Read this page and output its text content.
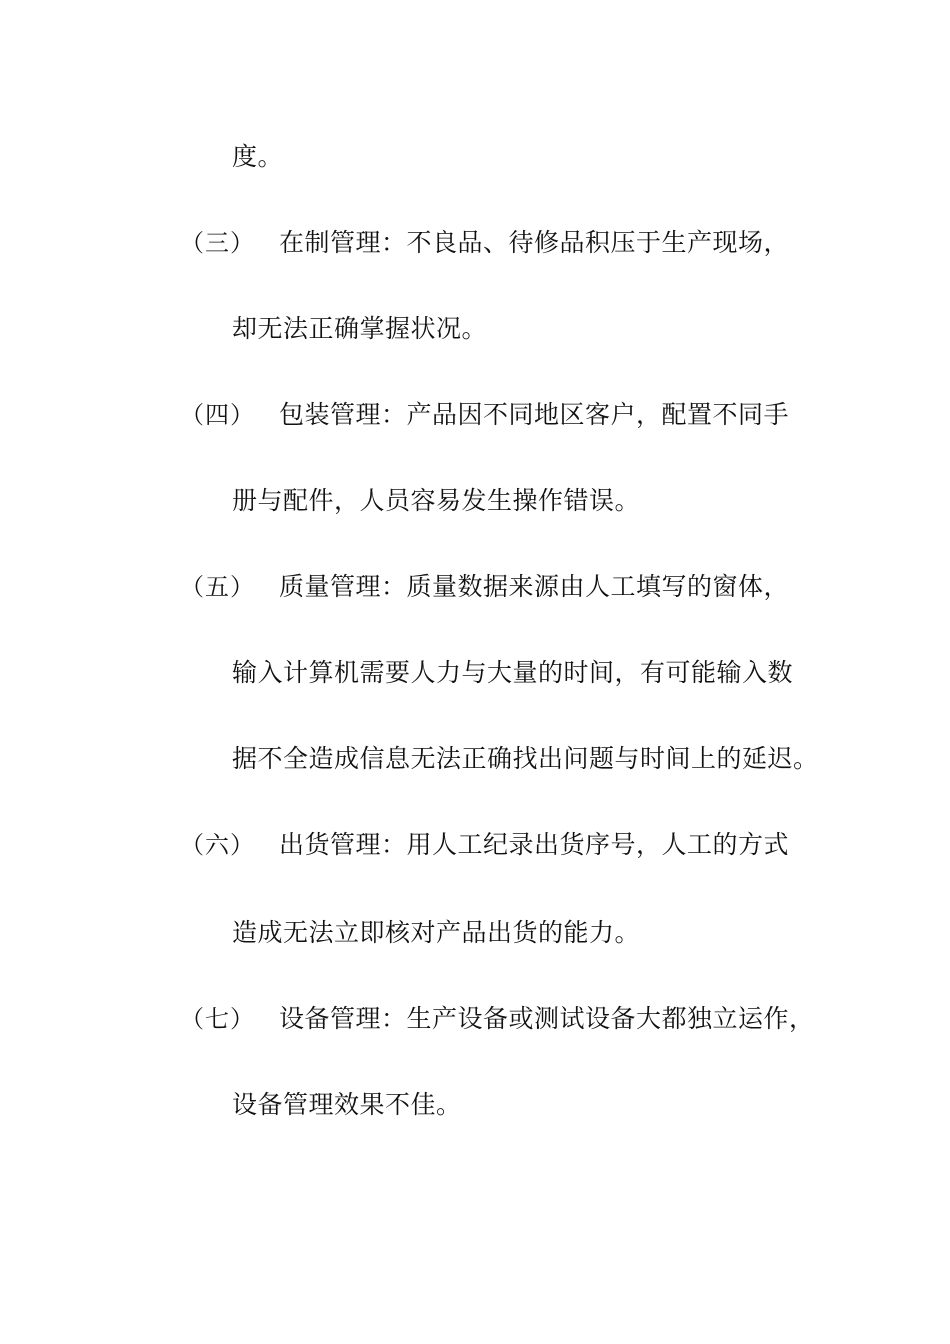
度。
（三） 在制管理：不良品、待修品积压于生产现场，
却无法正确掌握状况。
（四） 包装管理：产品因不同地区客户，配置不同手
册与配件，人员容易发生操作错误。
（五） 质量管理：质量数据来源由人工填写的窗体，
输入计算机需要人力与大量的时间，有可能输入数
据不全造成信息无法正确找出问题与时间上的延迟。
（六） 出货管理：用人工纪录出货序号，人工的方式
造成无法立即核对产品出货的能力。
（七） 设备管理：生产设备或测试设备大都独立运作，
设备管理效果不佳。
